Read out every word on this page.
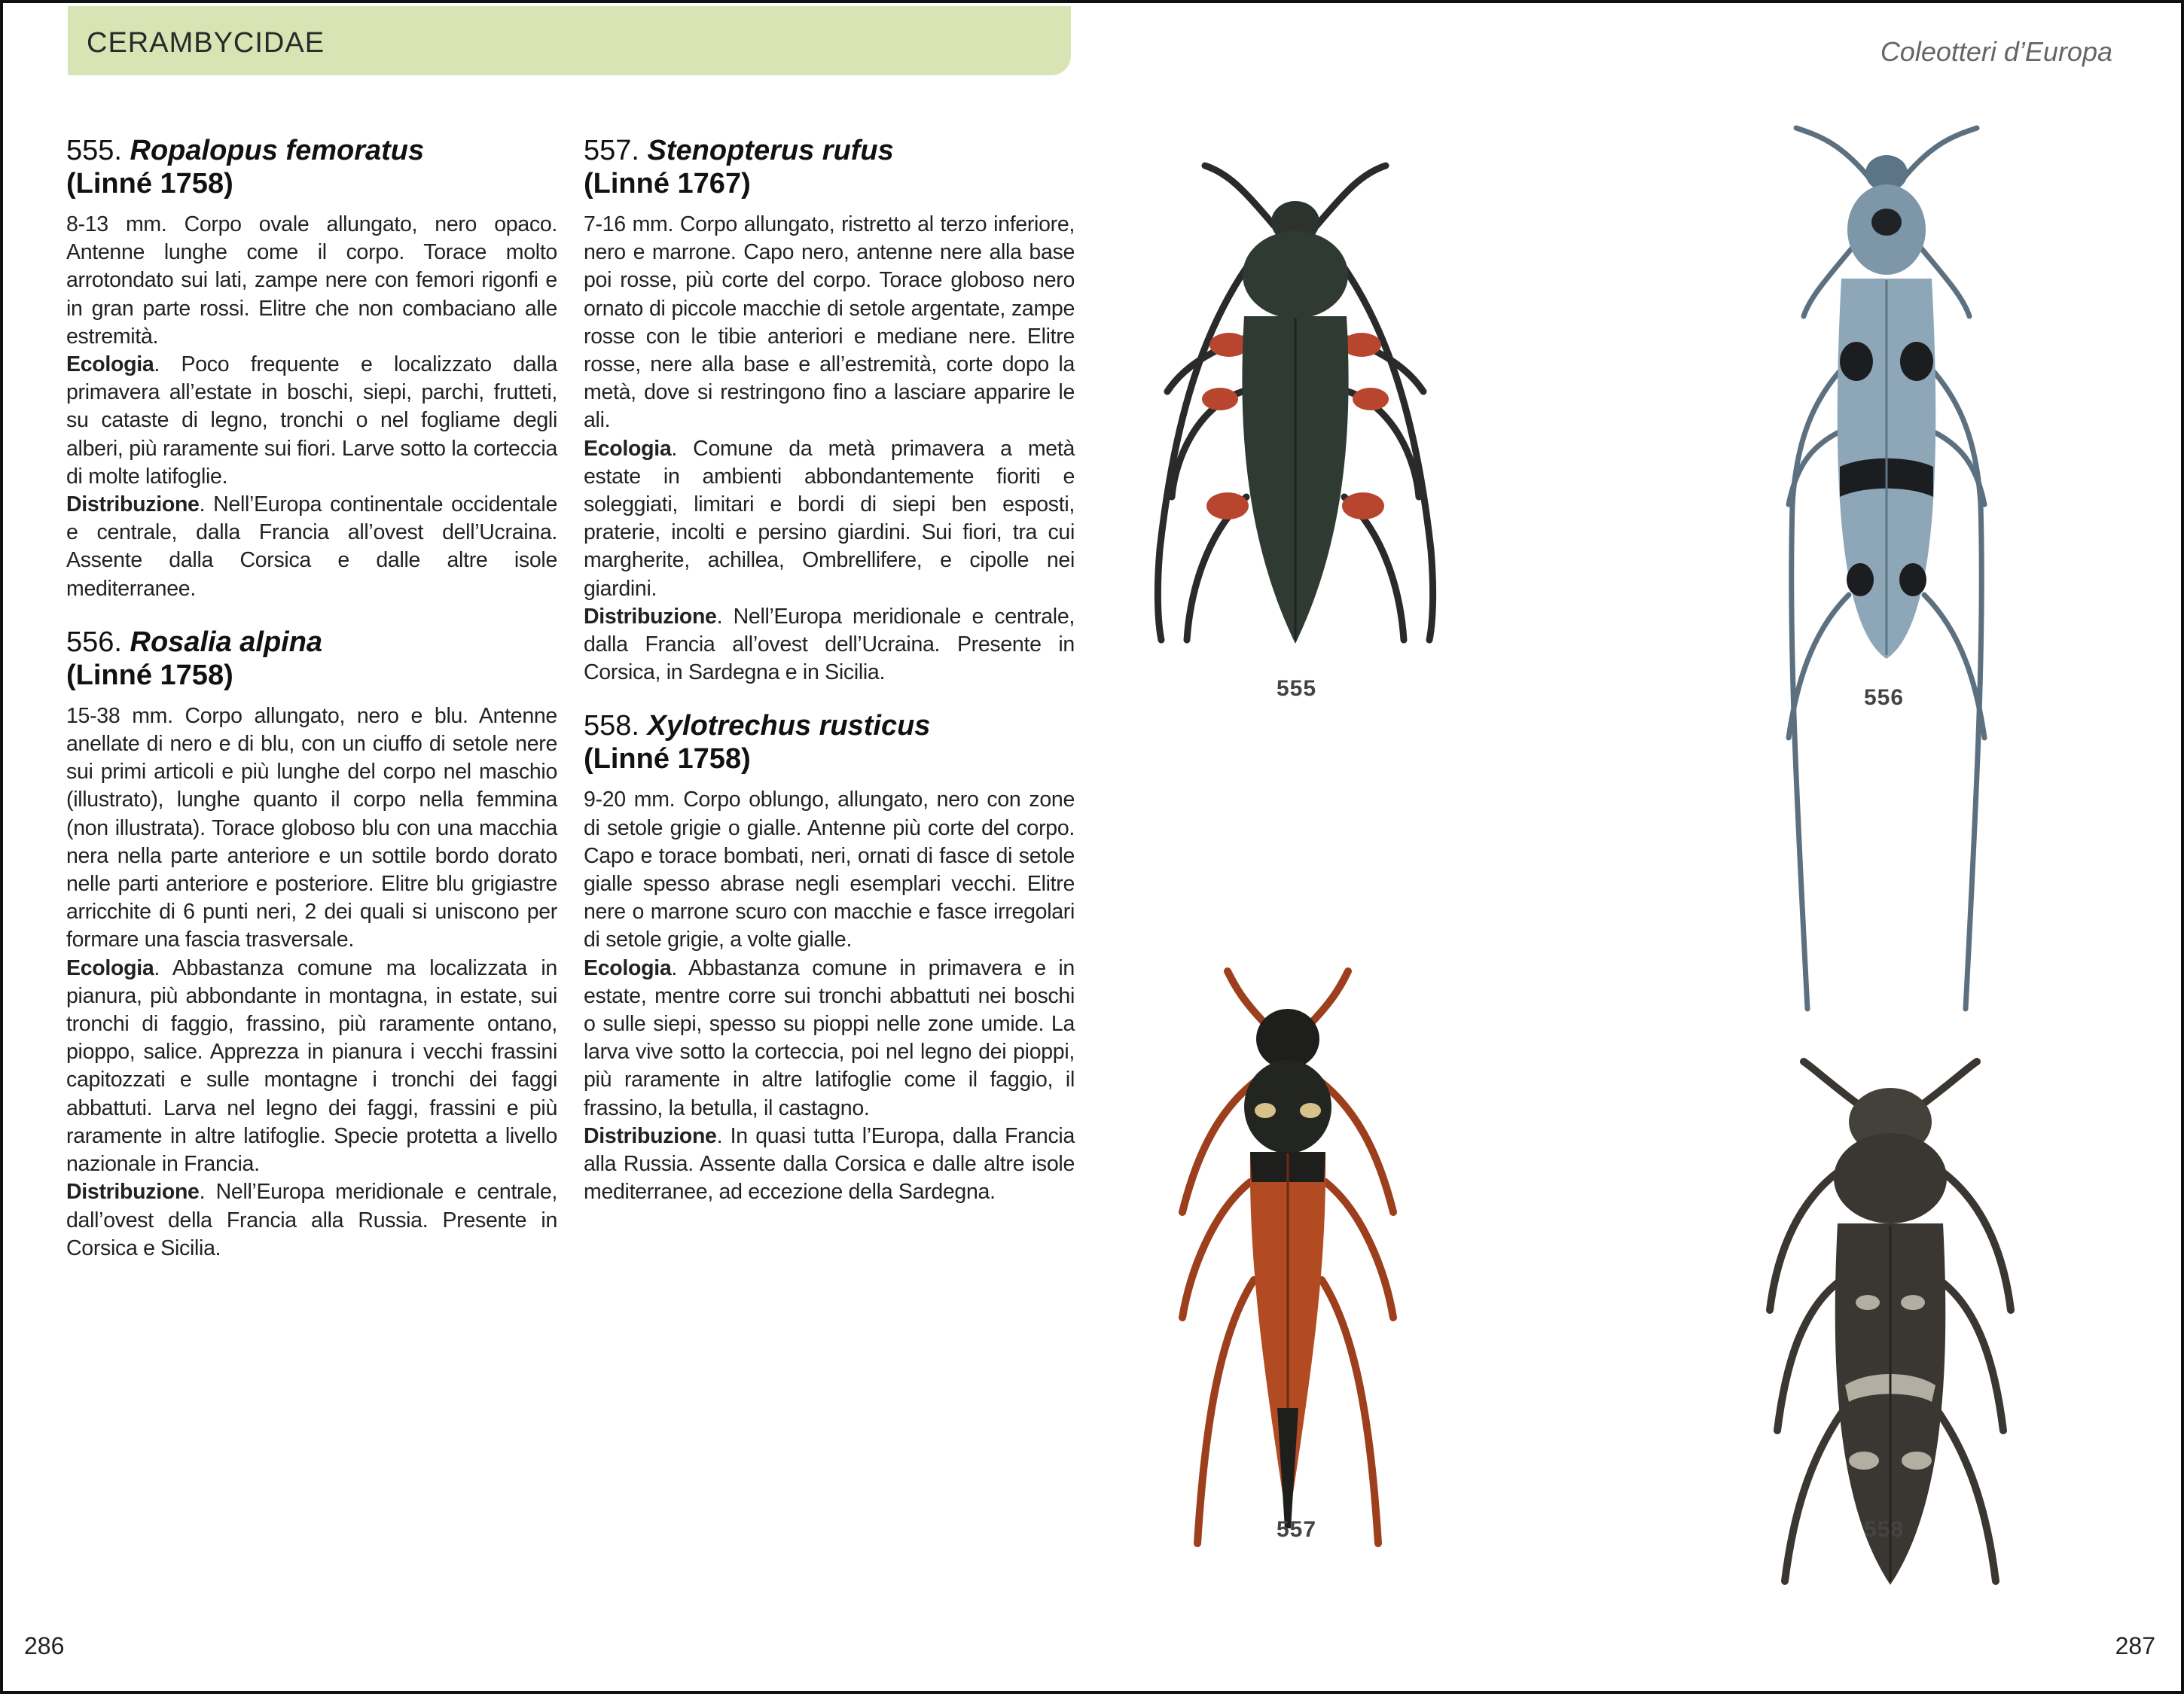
CERAMBYCIDAE	Coleotteri d’Europa
555. Ropalopus femoratus
(Linné 1758)

8-13 mm. Corpo ovale allungato, nero opaco. Antenne lunghe come il corpo. Torace molto arrotondato sui lati, zampe nere con femori rigonfi e in gran parte rossi. Elitre che non combaciano alle estremità.

Ecologia. Poco frequente e localizzato dalla primavera all’estate in boschi, siepi, parchi, frutteti, su cataste di legno, tronchi o nel fogliame degli alberi, più raramente sui fiori. Larve sotto la corteccia di molte latifoglie.

Distribuzione. Nell’Europa continentale occidentale e centrale, dalla Francia all’ovest dell’Ucraina. Assente dalla Corsica e dalle altre isole mediterranee.

556. Rosalia alpina
(Linné 1758)

15-38 mm. Corpo allungato, nero e blu. Antenne anellate di nero e di blu, con un ciuffo di setole nere sui primi articoli e più lunghe del corpo nel maschio (illustrato), lunghe quanto il corpo nella femmina (non illustrata). Torace globoso blu con una macchia nera nella parte anteriore e un sottile bordo dorato nelle parti anteriore e posteriore. Elitre blu grigiastre arricchite di 6 punti neri, 2 dei quali si uniscono per formare una fascia trasversale.

Ecologia. Abbastanza comune ma localizzata in pianura, più abbondante in montagna, in estate, sui tronchi di faggio, frassino, più raramente ontano, pioppo, salice. Apprezza in pianura i vecchi frassini capitozzati e sulle montagne i tronchi dei faggi abbattuti. Larva nel legno dei faggi, frassini e più raramente in altre latifoglie. Specie protetta a livello nazionale in Francia.

Distribuzione. Nell’Europa meridionale e centrale, dall’ovest della Francia alla Russia. Presente in Corsica e Sicilia.

557. Stenopterus rufus
(Linné 1767)

7-16 mm. Corpo allungato, ristretto al terzo inferiore, nero e marrone. Capo nero, antenne nere alla base poi rosse, più corte del corpo. Torace globoso nero ornato di piccole macchie di setole argentate, zampe rosse con le tibie anteriori e mediane nere. Elitre rosse, nere alla base e all’estremità, corte dopo la metà, dove si restringono fino a lasciare apparire le ali.

Ecologia. Comune da metà primavera a metà estate in ambienti abbondantemente fioriti e soleggiati, limitari e bordi di siepi ben esposti, praterie, incolti e persino giardini. Sui fiori, tra cui margherite, achillea, Ombrellifere, e cipolle nei giardini.

Distribuzione. Nell’Europa meridionale e centrale, dalla Francia all’ovest dell’Ucraina. Presente in Corsica, in Sardegna e in Sicilia.

558. Xylotrechus rusticus
(Linné 1758)

9-20 mm. Corpo oblungo, allungato, nero con zone di setole grigie o gialle. Antenne più corte del corpo. Capo e torace bombati, neri, ornati di fasce di setole gialle spesso abrase negli esemplari vecchi. Elitre nere o marrone scuro con macchie e fasce irregolari di setole grigie, a volte gialle.

Ecologia. Abbastanza comune in primavera e in estate, mentre corre sui tronchi abbattuti nei boschi o sulle siepi, spesso su pioppi nelle zone umide. La larva vive sotto la corteccia, poi nel legno dei pioppi, più raramente in altre latifoglie come il faggio, il frassino, la betulla, il castagno.

Distribuzione. In quasi tutta l’Europa, dalla Francia alla Russia. Assente dalla Corsica e dalle altre isole mediterranee, ad eccezione della Sardegna.

555	556
557	558
286	287
